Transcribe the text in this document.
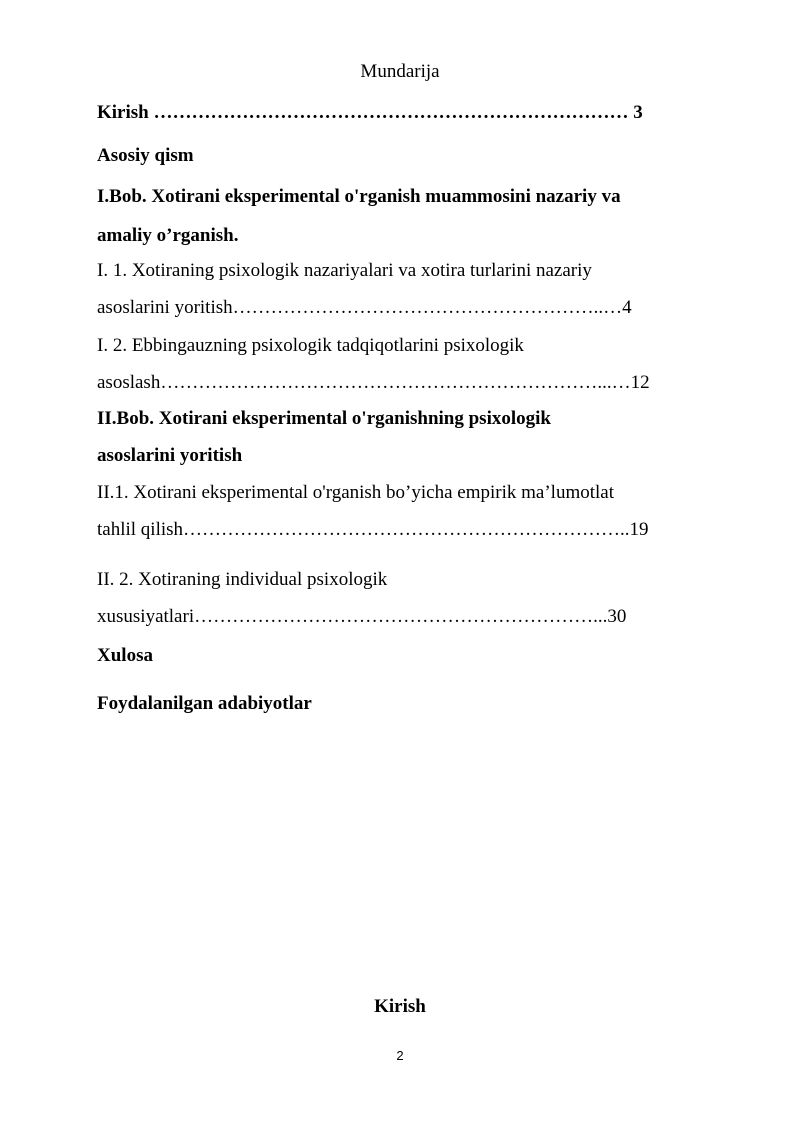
Mundarija
Kirish ………………………………………………………………… 3
Asosiy qism
I.Bob. Xotirani eksperimental o'rganish muammosini nazariy va
amaliy o’rganish.
I. 1. Xotiraning psixologik nazariyalari va xotira turlarini nazariy
asoslarini yoritish…………………………………………………..…4
I. 2. Ebbingauzning psixologik tadqiqotlarini psixologik
asoslash……………………………………………………………...…12
II.Bob. Xotirani eksperimental o'rganishning psixologik
asoslarini yoritish
II.1. Xotirani eksperimental o'rganish bo’yicha empirik ma’lumotlat
tahlil qilish……………………………………………………………..19
II. 2. Xotiraning individual psixologik
xususiyatlari………………………………………………………...30
Xulosa
Foydalanilgan adabiyotlar
Kirish
2
